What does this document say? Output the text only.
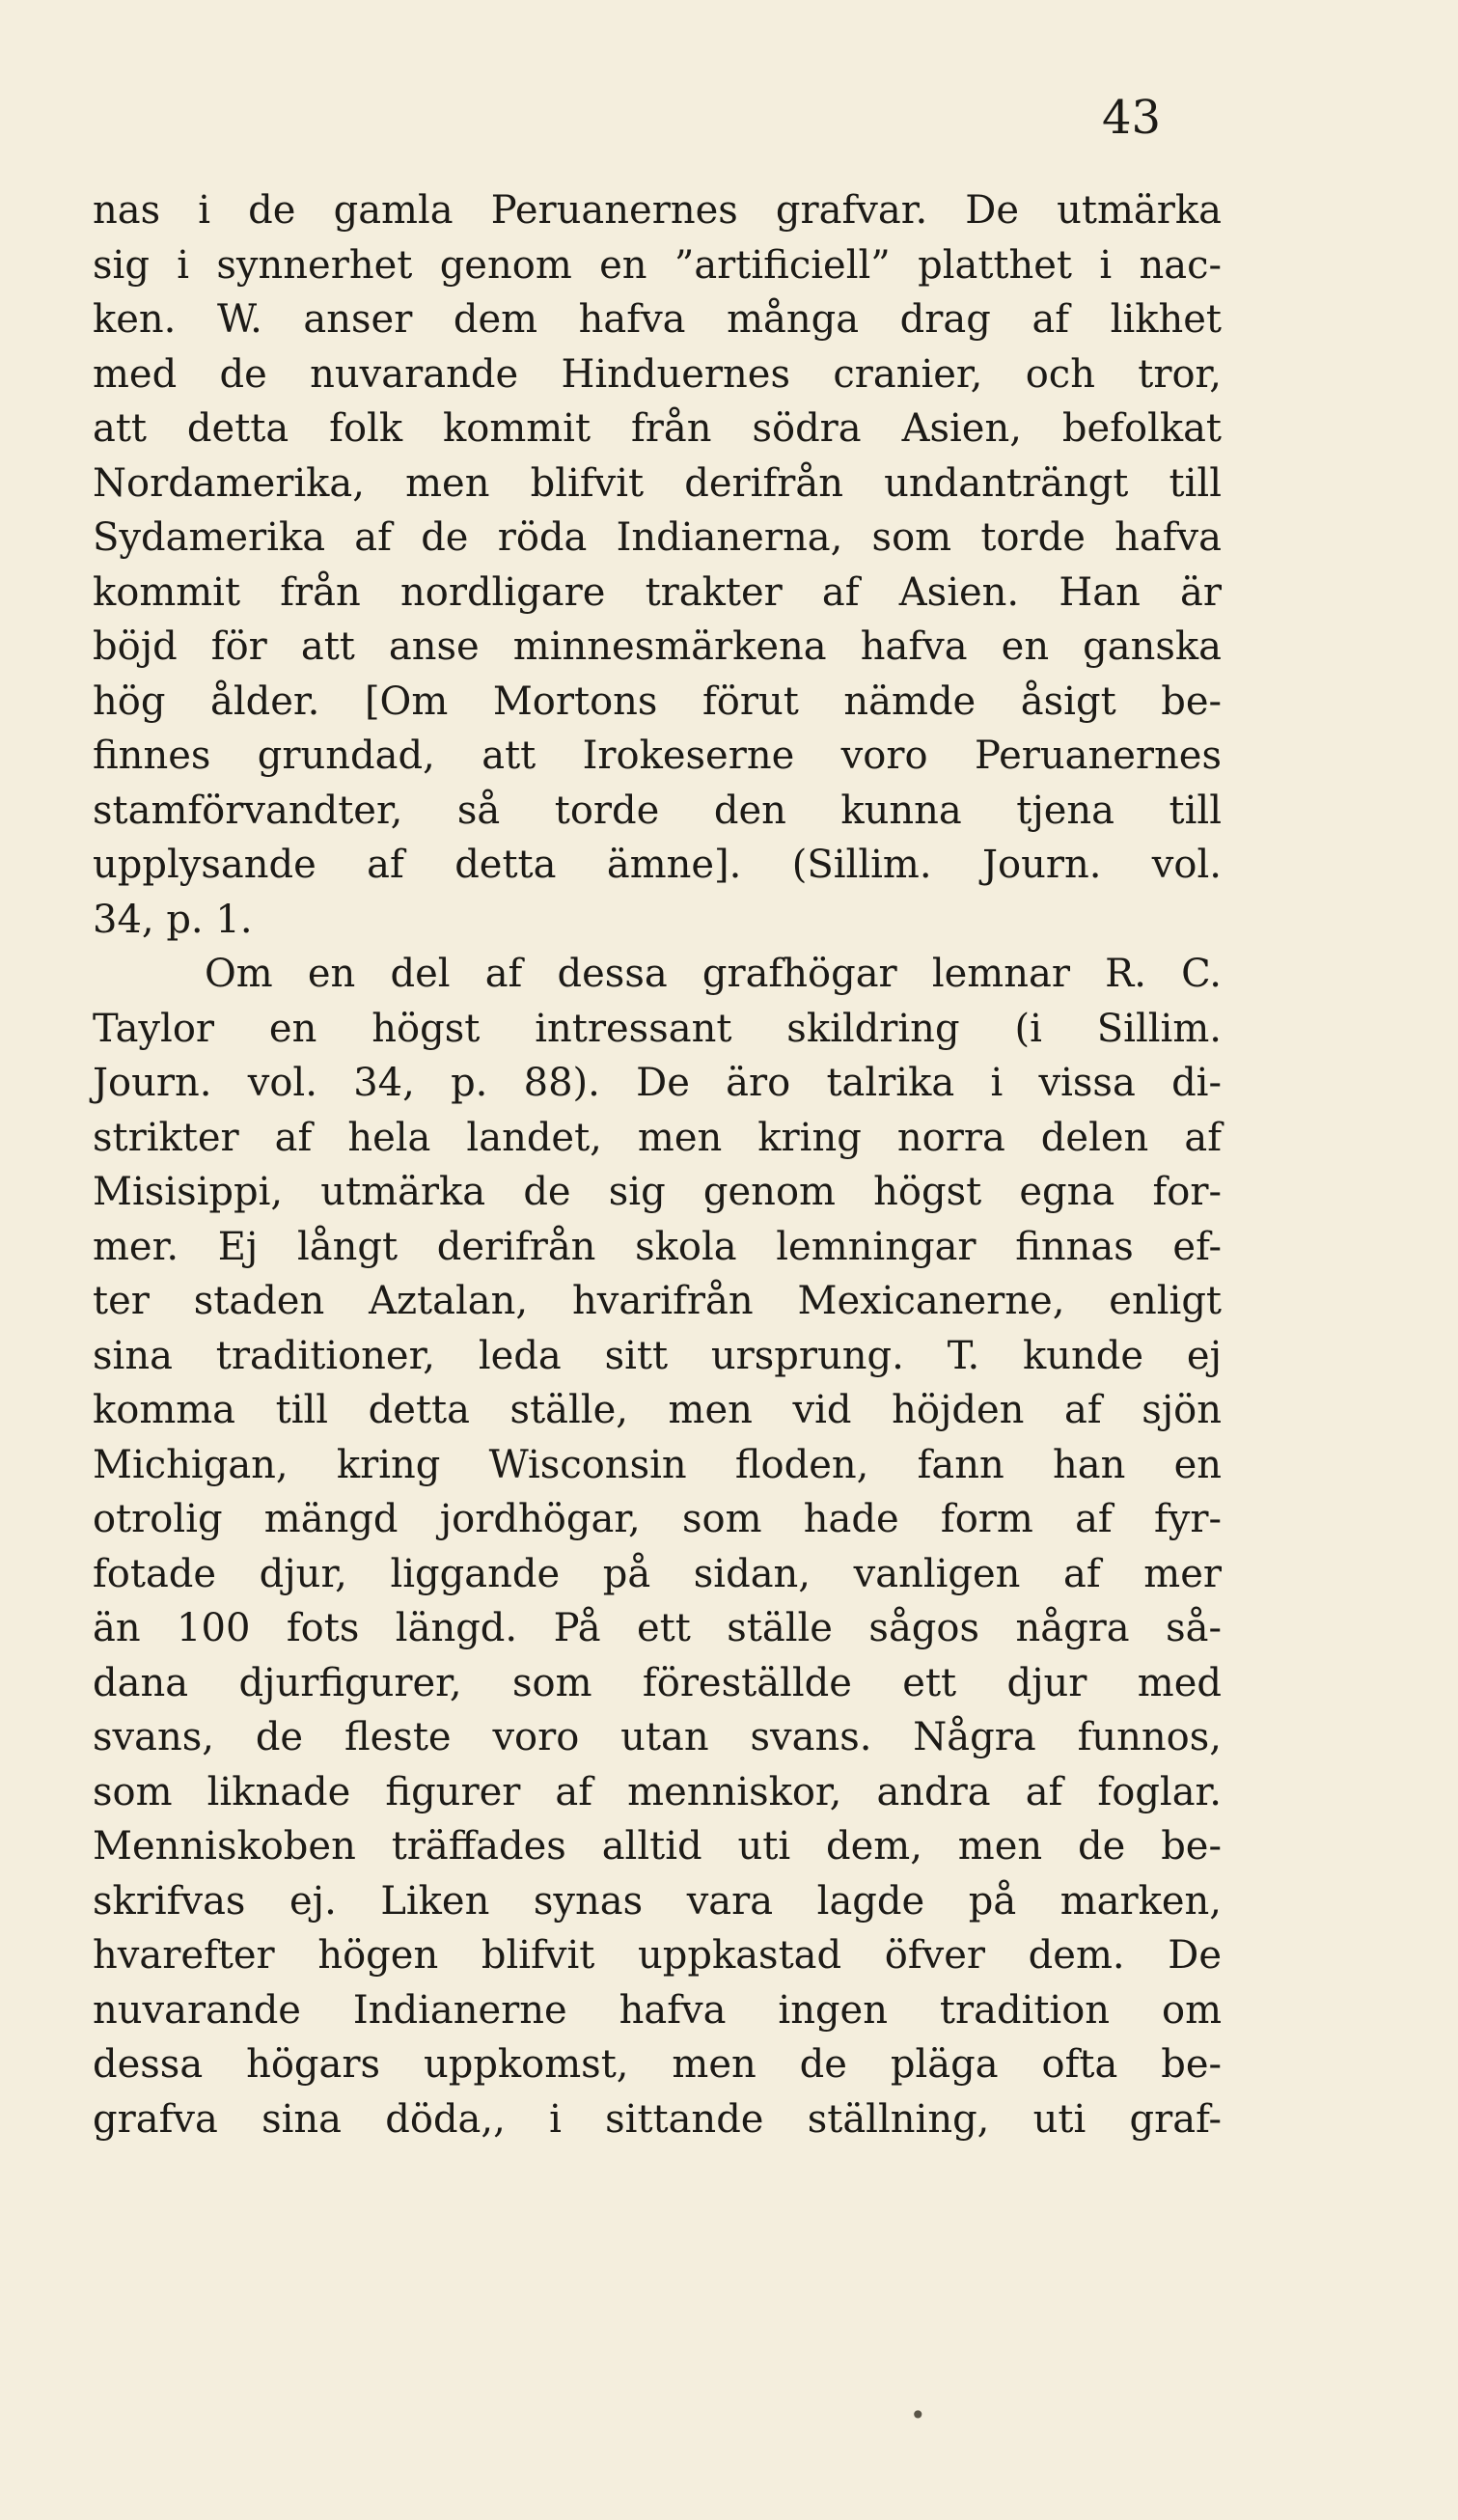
43
nas i de gamla Peruanernes grafvar. De utmärka
sig i synnerhet genom en ”artificiell” platthet i nac-
ken. W. anser dem hafva många drag af likhet
med de nuvarande Hinduernes cranier, och tror,
att detta folk kommit från södra Asien, befolkat
Nordamerika, men blifvit derifrån undanträngt till
Sydamerika af de röda Indianerna, som torde hafva
kommit från nordligare trakter af Asien. Han är
böjd för att anse minnesmärkena hafva en ganska
hög ålder. [Om Mortons förut nämde åsigt be-
finnes grundad, att Irokeserne voro Peruanernes
stamförvandter, så torde den kunna tjena till
upplysande af detta ämne]. (Sillim. Journ. vol.
34, p. 1.
Om en del af dessa grafhögar lemnar R. C.
Taylor en högst intressant skildring (i Sillim.
Journ. vol. 34, p. 88). De äro talrika i vissa di-
strikter af hela landet, men kring norra delen af
Misisippi, utmärka de sig genom högst egna for-
mer. Ej långt derifrån skola lemningar finnas ef-
ter staden Aztalan, hvarifrån Mexicanerne, enligt
sina traditioner, leda sitt ursprung. T. kunde ej
komma till detta ställe, men vid höjden af sjön
Michigan, kring Wisconsin floden, fann han en
otrolig mängd jordhögar, som hade form af fyr-
fotade djur, liggande på sidan, vanligen af mer
än 100 fots längd. På ett ställe sågos några så-
dana djurfigurer, som föreställde ett djur med
svans, de fleste voro utan svans. Några funnos,
som liknade figurer af menniskor, andra af foglar.
Menniskoben träffades alltid uti dem, men de be-
skrifvas ej. Liken synas vara lagde på marken,
hvarefter högen blifvit uppkastad öfver dem. De
nuvarande Indianerne hafva ingen tradition om
dessa högars uppkomst, men de pläga ofta be-
grafva sina döda,, i sittande ställning, uti graf-
•
